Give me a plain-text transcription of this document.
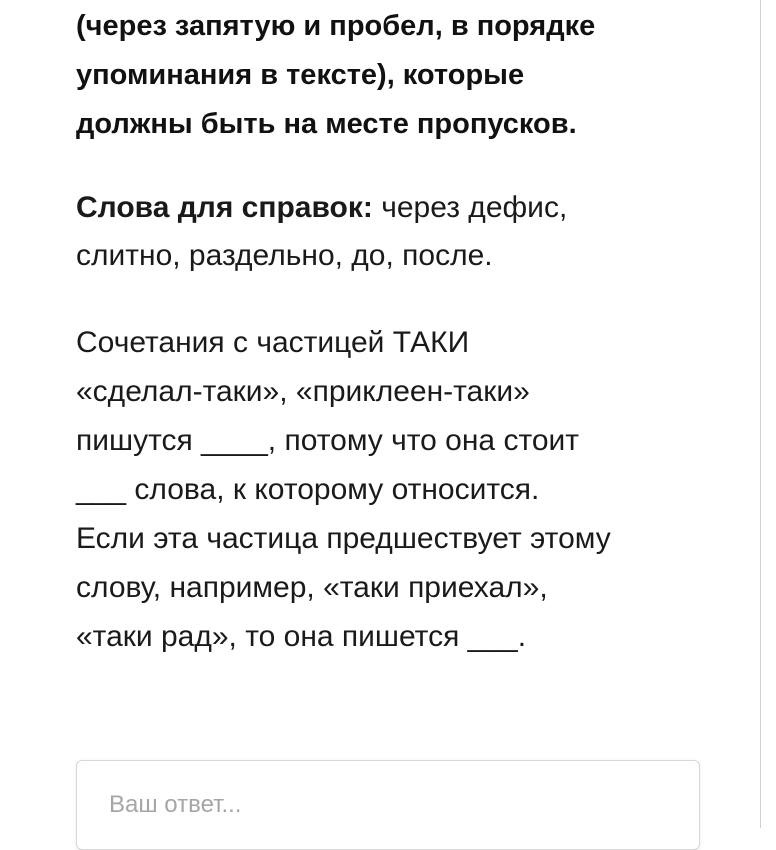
(через запятую и пробел, в порядке
упоминания в тексте), которые
должны быть на месте пропусков.

Слова для справок: через дефис,
слитно, раздельно, до, после.

Сочетания с частицей ТАКИ
«сделал-таки», «приклеен-таки»
пишутся ____, потому что она стоит
___ слова, к которому относится.
Если эта частица предшествует этому
слову, например, «таки приехал»,
«таки рад», то она пишется ___.

Ваш ответ...
